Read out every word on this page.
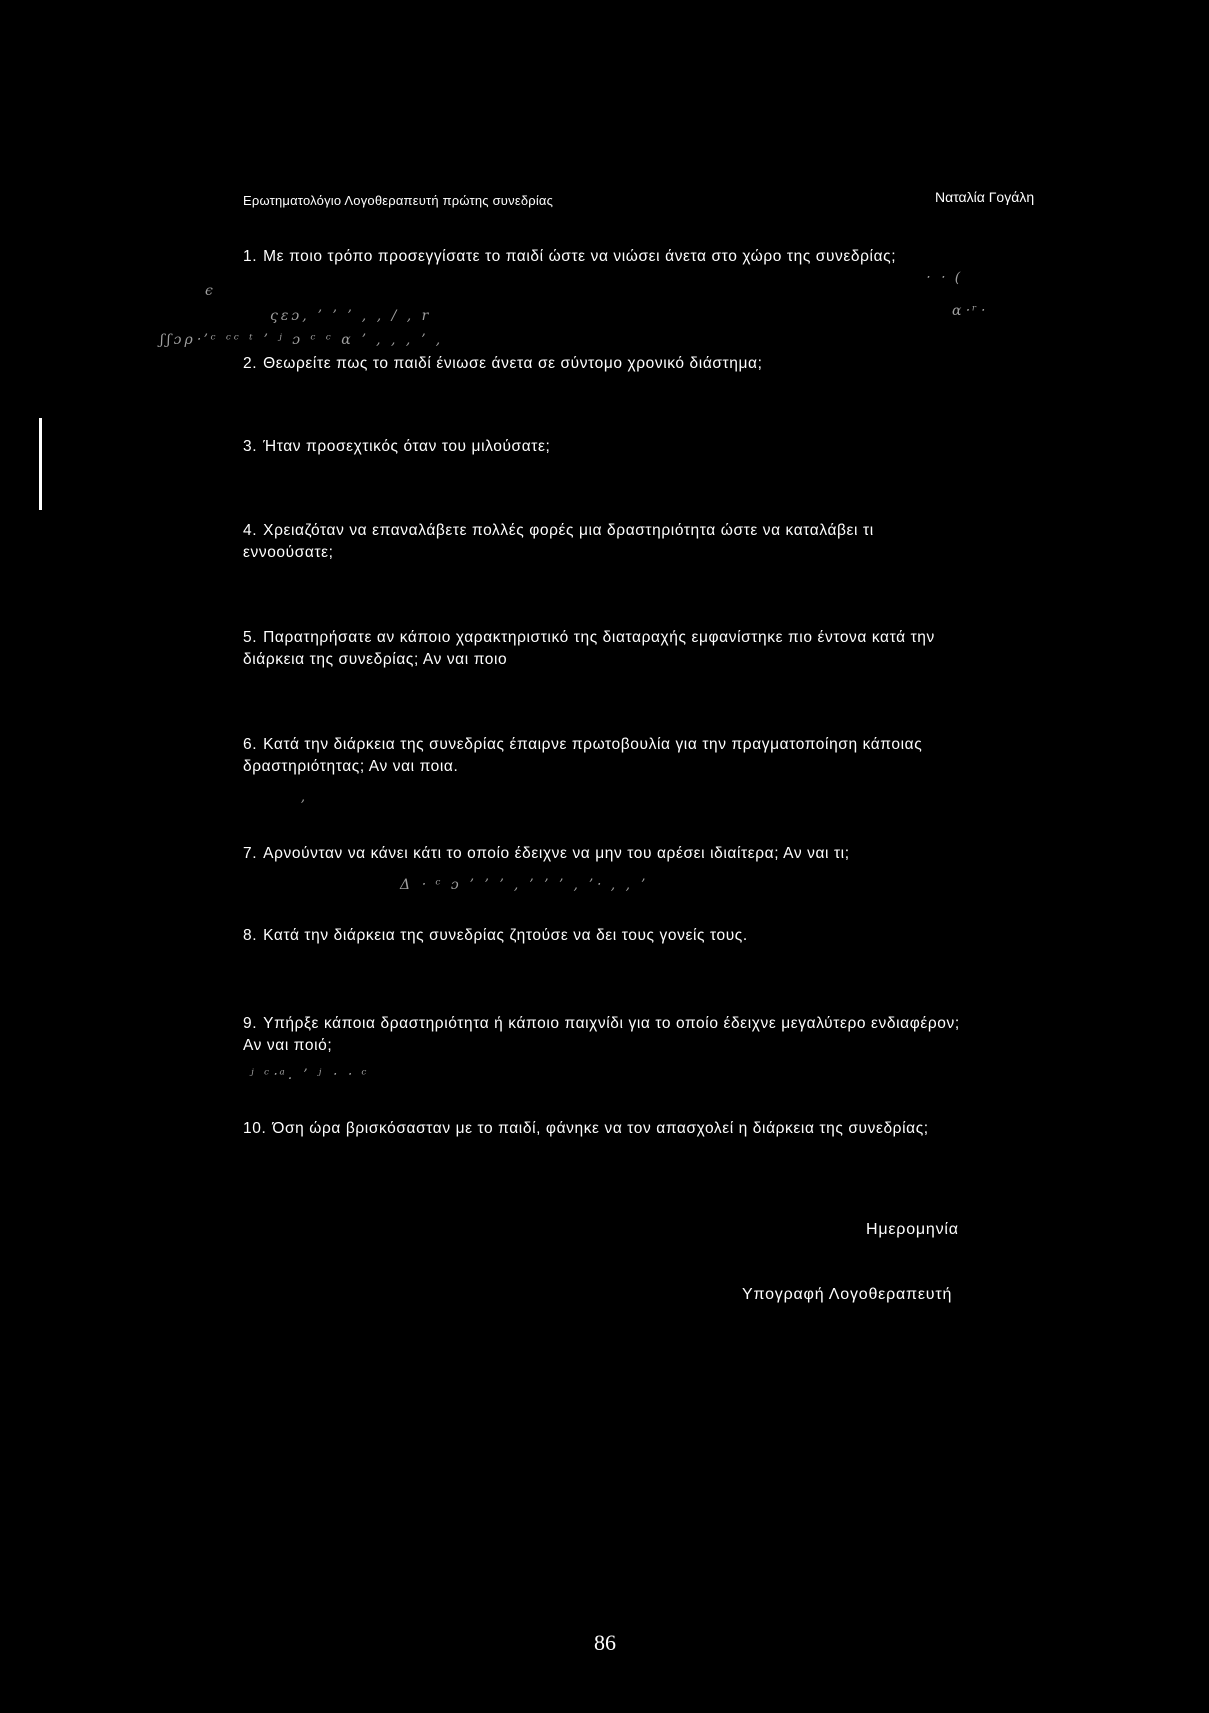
Ερωτηματολόγιο Λογοθεραπευτή πρώτης συνεδρίας	Ναταλία Γογάλη
1. Με ποιο τρόπο προσεγγίσατε το παιδί ώστε να νιώσει άνετα στο χώρο της συνεδρίας;
ϵ
ςɛɔ, ʼ ʼ ʼ , , / , r
ʃʃɔρ‧ʼᶜ ᶜᶜ ᵗ ʼ ʲ ɔ ᶜ ᶜ ɑ ʼ , , , ʼ ,
‧ ‧ (
ɑ‧ʳ‧
2. Θεωρείτε πως το παιδί ένιωσε άνετα σε σύντομο χρονικό διάστημα;
3. Ήταν προσεχτικός όταν του μιλούσατε;
4. Χρειαζόταν να επαναλάβετε πολλές φορές μια δραστηριότητα ώστε να καταλάβει τι εννοούσατε;
5. Παρατηρήσατε αν κάποιο χαρακτηριστικό της διαταραχής εμφανίστηκε πιο έντονα κατά την διάρκεια της συνεδρίας; Αν ναι ποιο
6. Κατά την διάρκεια της συνεδρίας έπαιρνε πρωτοβουλία για την πραγματοποίηση κάποιας δραστηριότητας; Αν ναι ποια.
ʼ
7. Αρνούνταν να κάνει κάτι το οποίο έδειχνε να μην του αρέσει ιδιαίτερα; Αν ναι τι;
Δ ‧ ᶜ ɔ ʼ ʼ ʼ , ʼ ʼ ʼ , ʼ‧ , , ʼ
8. Κατά την διάρκεια της συνεδρίας ζητούσε να δει τους γονείς τους.
9. Υπήρξε κάποια δραστηριότητα ή κάποιο παιχνίδι για το οποίο έδειχνε μεγαλύτερο ενδιαφέρον; Αν ναι ποιό;
ʲ ᶜ‧ᵃ. ʼ ʲ ‧ ‧ ᶜ
10. Όση ώρα βρισκόσασταν με το παιδί, φάνηκε να τον απασχολεί η διάρκεια της συνεδρίας;
Ημερομηνία
Υπογραφή Λογοθεραπευτή
86
